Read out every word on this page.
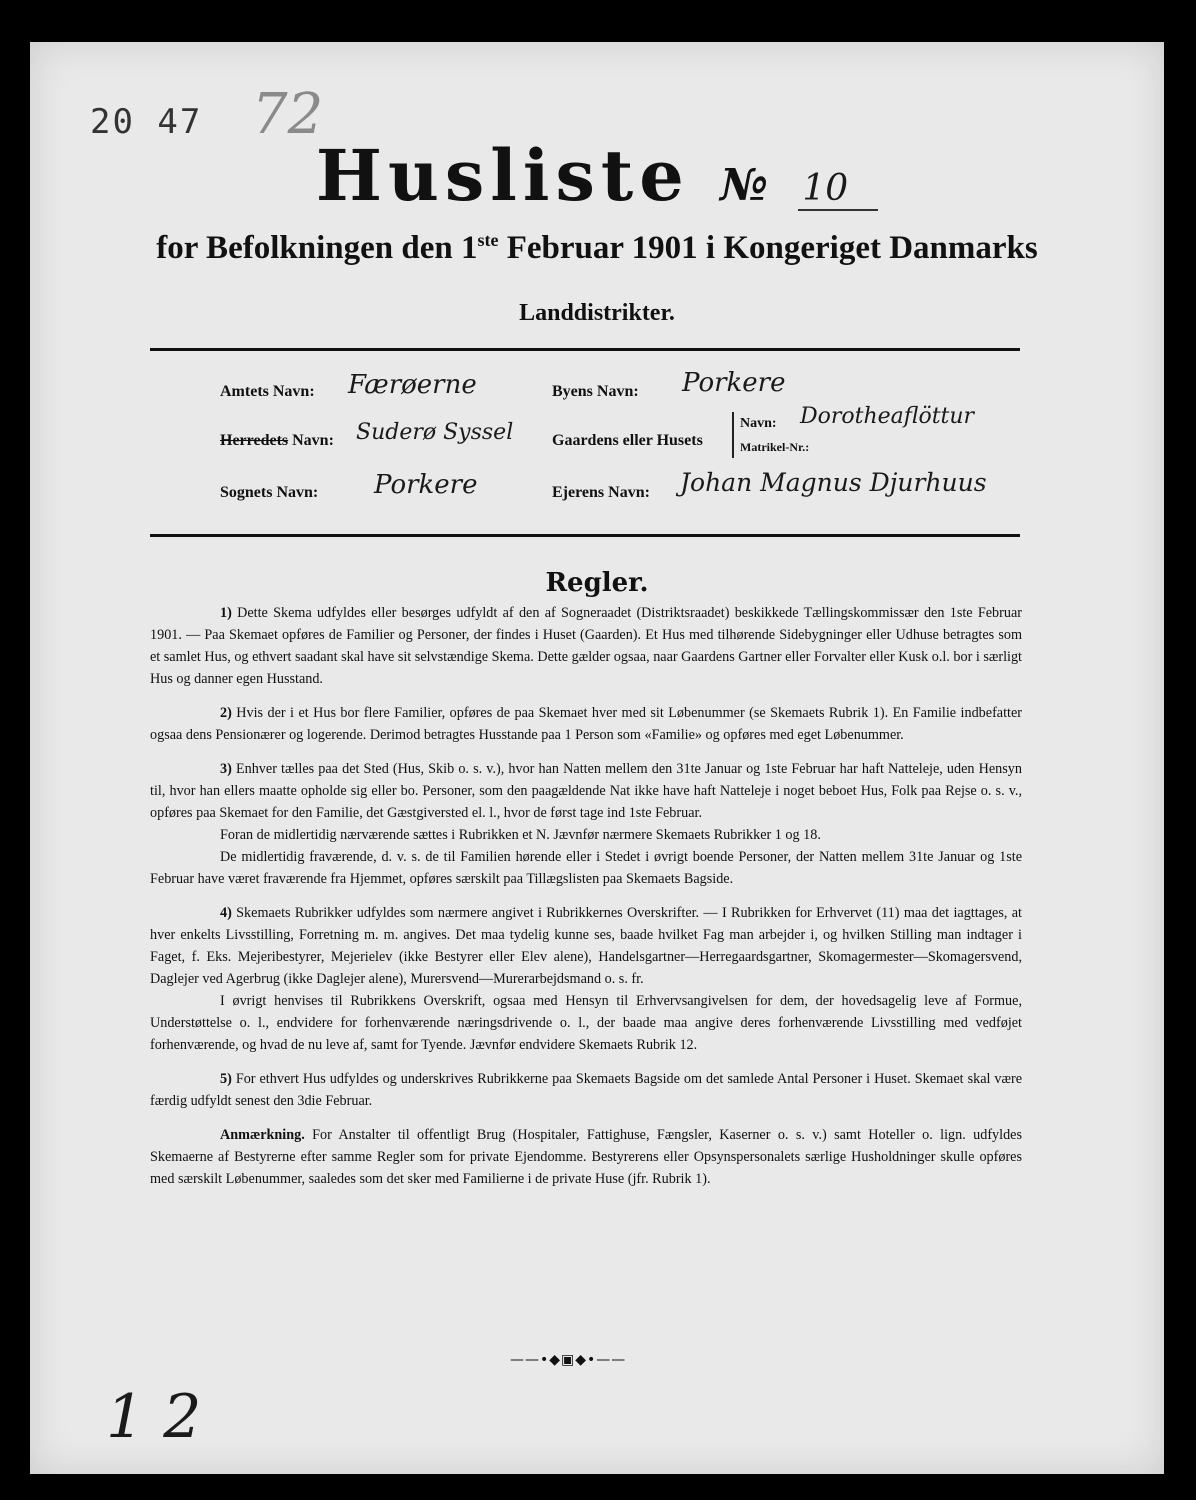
20 47 72
Husliste № 10
for Befolkningen den 1ste Februar 1901 i Kongeriget Danmarks
Landdistrikter.
Amtets Navn: Færøerne
Herredets Navn: Suderø Syssel
Sognets Navn: Porkere
Byens Navn: Porkere
Gaardens eller Husets
Navn: Dorotheaflöttur
Matrikel-Nr.:
Ejerens Navn: Johan Magnus Djurhuus
Regler.

1) Dette Skema udfyldes eller besørges udfyldt af den af Sogneraadet (Distriktsraadet) beskikkede Tællingskommissær den 1ste Februar 1901. — Paa Skemaet opføres de Familier og Personer, der findes i Huset (Gaarden). Et Hus med tilhørende Sidebygninger eller Udhuse betragtes som et samlet Hus, og ethvert saadant skal have sit selvstændige Skema. Dette gælder ogsaa, naar Gaardens Gartner eller Forvalter eller Kusk o.l. bor i særligt Hus og danner egen Husstand.

2) Hvis der i et Hus bor flere Familier, opføres de paa Skemaet hver med sit Løbenummer (se Skemaets Rubrik 1). En Familie indbefatter ogsaa dens Pensionærer og logerende. Derimod betragtes Husstande paa 1 Person som «Familie» og opføres med eget Løbenummer.

3) Enhver tælles paa det Sted (Hus, Skib o. s. v.), hvor han Natten mellem den 31te Januar og 1ste Februar har haft Natteleje, uden Hensyn til, hvor han ellers maatte opholde sig eller bo. Personer, som den paagældende Nat ikke have haft Natteleje i noget beboet Hus, Folk paa Rejse o. s. v., opføres paa Skemaet for den Familie, det Gæstgiversted el. l., hvor de først tage ind 1ste Februar.

Foran de midlertidig nærværende sættes i Rubrikken et N. Jævnfør nærmere Skemaets Rubrikker 1 og 18.

De midlertidig fraværende, d. v. s. de til Familien hørende eller i Stedet i øvrigt boende Personer, der Natten mellem 31te Januar og 1ste Februar have været fraværende fra Hjemmet, opføres særskilt paa Tillægslisten paa Skemaets Bagside.

4) Skemaets Rubrikker udfyldes som nærmere angivet i Rubrikkernes Overskrifter. — I Rubrikken for Erhvervet (11) maa det iagttages, at hver enkelts Livsstilling, Forretning m. m. angives. Det maa tydelig kunne ses, baade hvilket Fag man arbejder i, og hvilken Stilling man indtager i Faget, f. Eks. Mejeribestyrer, Mejerielev (ikke Bestyrer eller Elev alene), Handelsgartner—Herregaardsgartner, Skomagermester—Skomagersvend, Daglejer ved Agerbrug (ikke Daglejer alene), Murersvend—Murerarbejdsmand o. s. fr.

I øvrigt henvises til Rubrikkens Overskrift, ogsaa med Hensyn til Erhvervsangivelsen for dem, der hovedsagelig leve af Formue, Understøttelse o. l., endvidere for forhenværende næringsdrivende o. l., der baade maa angive deres forhenværende Livsstilling med vedføjet forhenværende, og hvad de nu leve af, samt for Tyende. Jævnfør endvidere Skemaets Rubrik 12.

5) For ethvert Hus udfyldes og underskrives Rubrikkerne paa Skemaets Bagside om det samlede Antal Personer i Huset. Skemaet skal være færdig udfyldt senest den 3die Februar.

Anmærkning. For Anstalter til offentligt Brug (Hospitaler, Fattighuse, Fængsler, Kaserner o. s. v.) samt Hoteller o. lign. udfyldes Skemaerne af Bestyrerne efter samme Regler som for private Ejendomme. Bestyrerens eller Opsynspersonalets særlige Husholdninger skulle opføres med særskilt Løbenummer, saaledes som det sker med Familierne i de private Huse (jfr. Rubrik 1).

——•◆▣◆•——
1 2
